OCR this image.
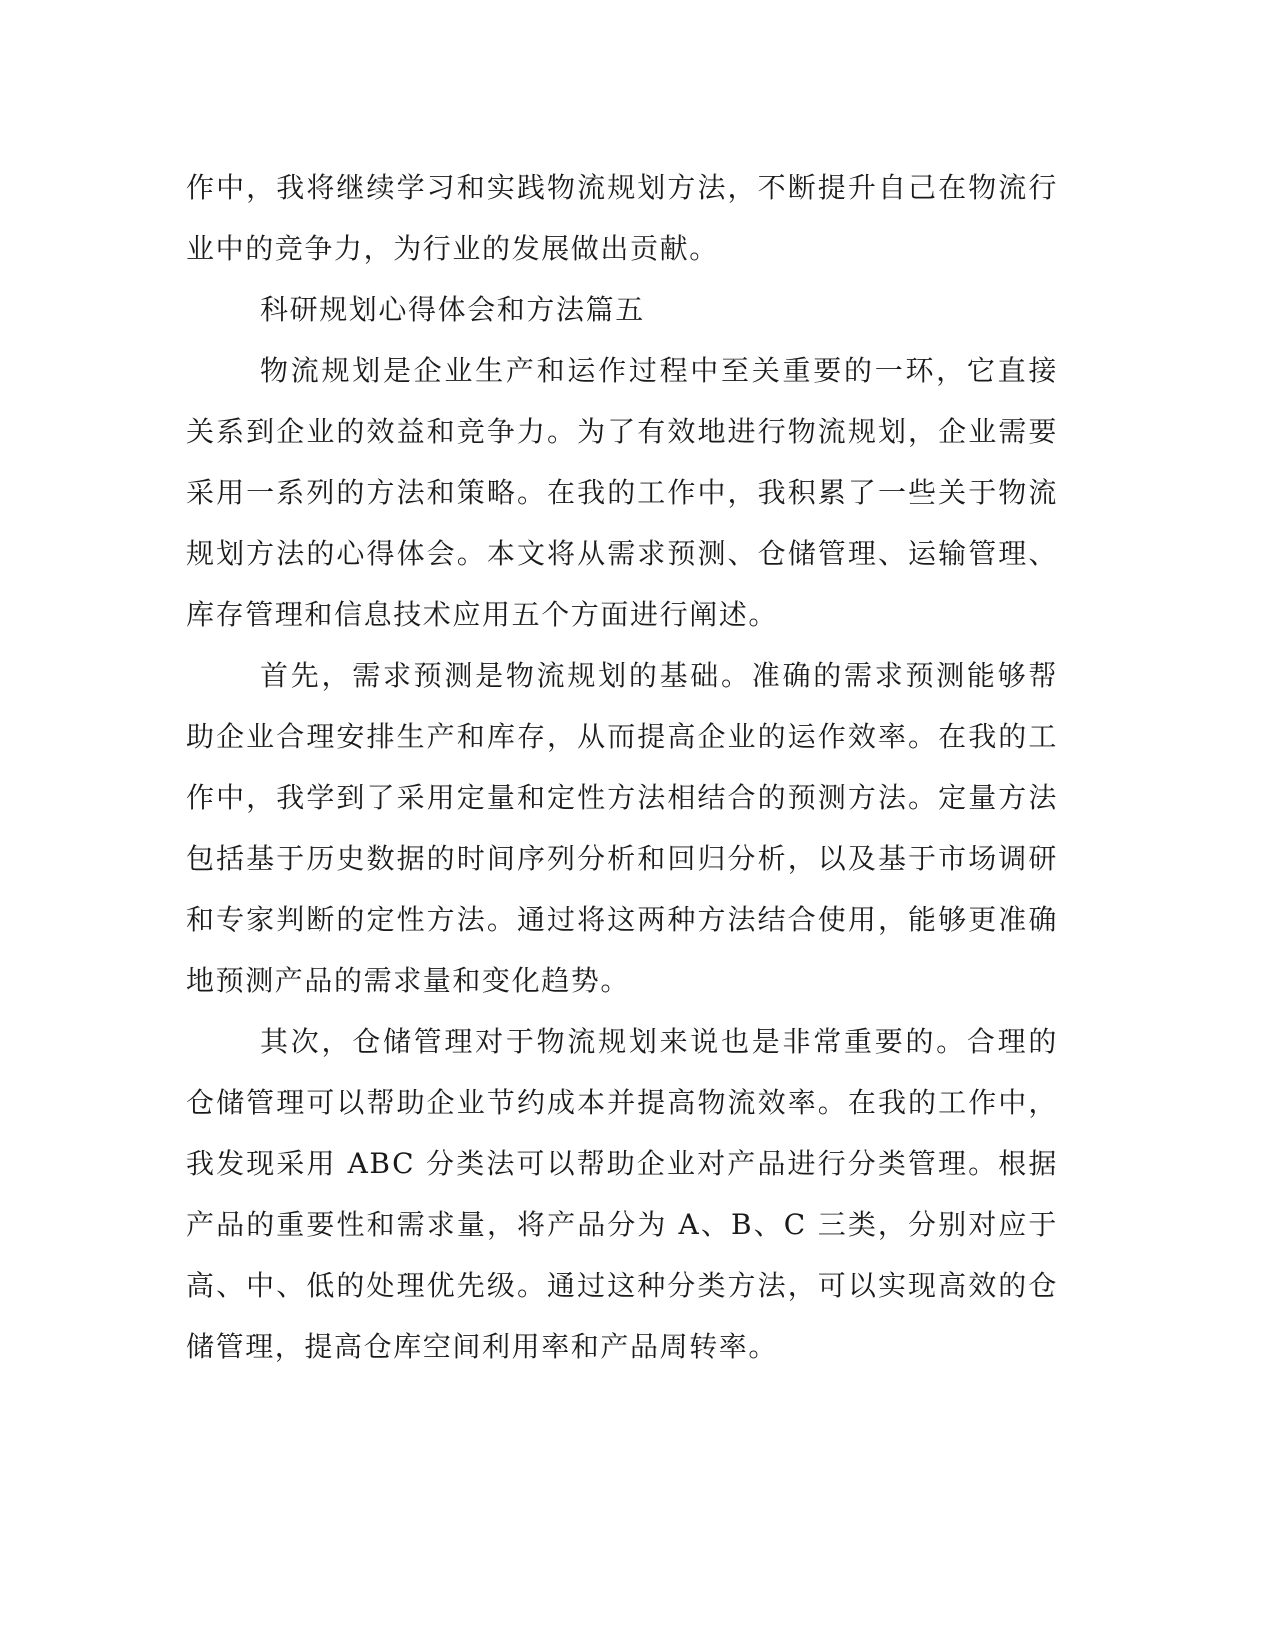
作中，我将继续学习和实践物流规划方法，不断提升自己在物流行业中的竞争力，为行业的发展做出贡献。

科研规划心得体会和方法篇五

物流规划是企业生产和运作过程中至关重要的一环，它直接关系到企业的效益和竞争力。为了有效地进行物流规划，企业需要采用一系列的方法和策略。在我的工作中，我积累了一些关于物流规划方法的心得体会。本文将从需求预测、仓储管理、运输管理、库存管理和信息技术应用五个方面进行阐述。

首先，需求预测是物流规划的基础。准确的需求预测能够帮助企业合理安排生产和库存，从而提高企业的运作效率。在我的工作中，我学到了采用定量和定性方法相结合的预测方法。定量方法包括基于历史数据的时间序列分析和回归分析，以及基于市场调研和专家判断的定性方法。通过将这两种方法结合使用，能够更准确地预测产品的需求量和变化趋势。

其次，仓储管理对于物流规划来说也是非常重要的。合理的仓储管理可以帮助企业节约成本并提高物流效率。在我的工作中，我发现采用 ABC 分类法可以帮助企业对产品进行分类管理。根据产品的重要性和需求量，将产品分为 A、B、C 三类，分别对应于高、中、低的处理优先级。通过这种分类方法，可以实现高效的仓储管理，提高仓库空间利用率和产品周转率。
